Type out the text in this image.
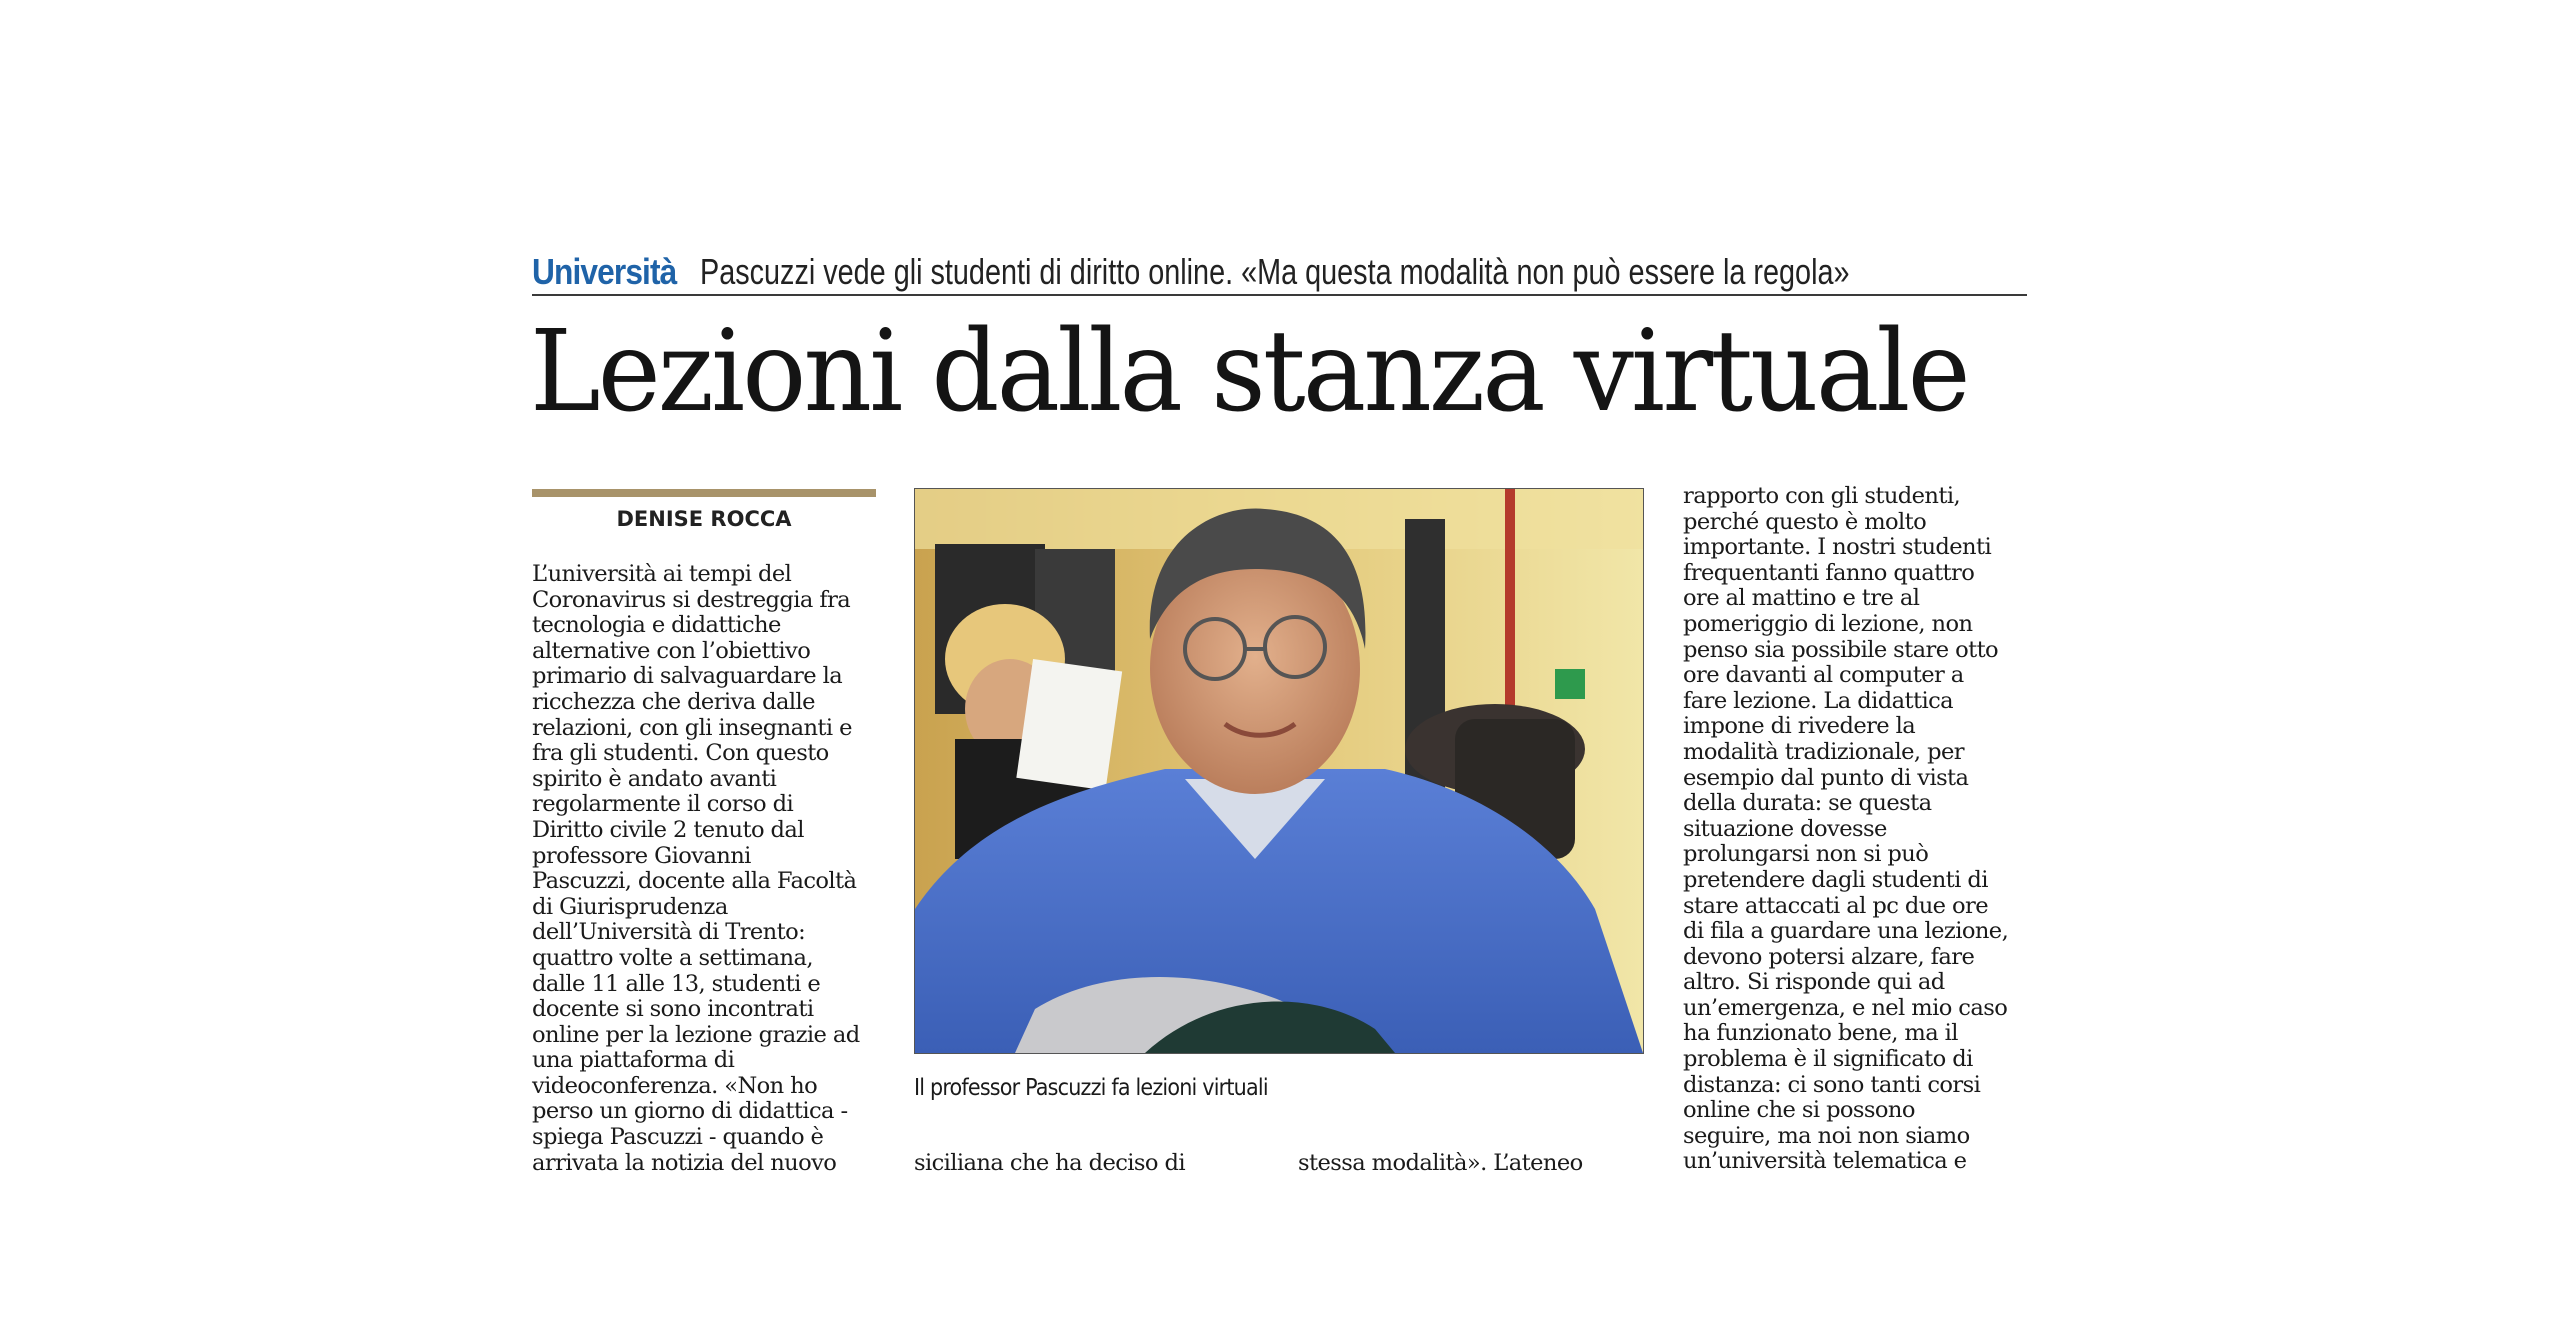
Università Pascuzzi vede gli studenti di diritto online. «Ma questa modalità non può essere la regola»
Lezioni dalla stanza virtuale
DENISE ROCCA
L’università ai tempi del
Coronavirus si destreggia fra
tecnologia e didattiche
alternative con l’obiettivo
primario di salvaguardare la
ricchezza che deriva dalle
relazioni, con gli insegnanti e
fra gli studenti. Con questo
spirito è andato avanti
regolarmente il corso di
Diritto civile 2 tenuto dal
professore Giovanni
Pascuzzi, docente alla Facoltà
di Giurisprudenza
dell’Università di Trento:
quattro volte a settimana,
dalle 11 alle 13, studenti e
docente si sono incontrati
online per la lezione grazie ad
una piattaforma di
videoconferenza. «Non ho
perso un giorno di didattica -
spiega Pascuzzi - quando è
arrivata la notizia del nuovo
Il professor Pascuzzi fa lezioni virtuali
siciliana che ha deciso di	stessa modalità». L’ateneo
rapporto con gli studenti,
perché questo è molto
importante. I nostri studenti
frequentanti fanno quattro
ore al mattino e tre al
pomeriggio di lezione, non
penso sia possibile stare otto
ore davanti al computer a
fare lezione. La didattica
impone di rivedere la
modalità tradizionale, per
esempio dal punto di vista
della durata: se questa
situazione dovesse
prolungarsi non si può
pretendere dagli studenti di
stare attaccati al pc due ore
di fila a guardare una lezione,
devono potersi alzare, fare
altro. Si risponde qui ad
un’emergenza, e nel mio caso
ha funzionato bene, ma il
problema è il significato di
distanza: ci sono tanti corsi
online che si possono
seguire, ma noi non siamo
un’università telematica e
